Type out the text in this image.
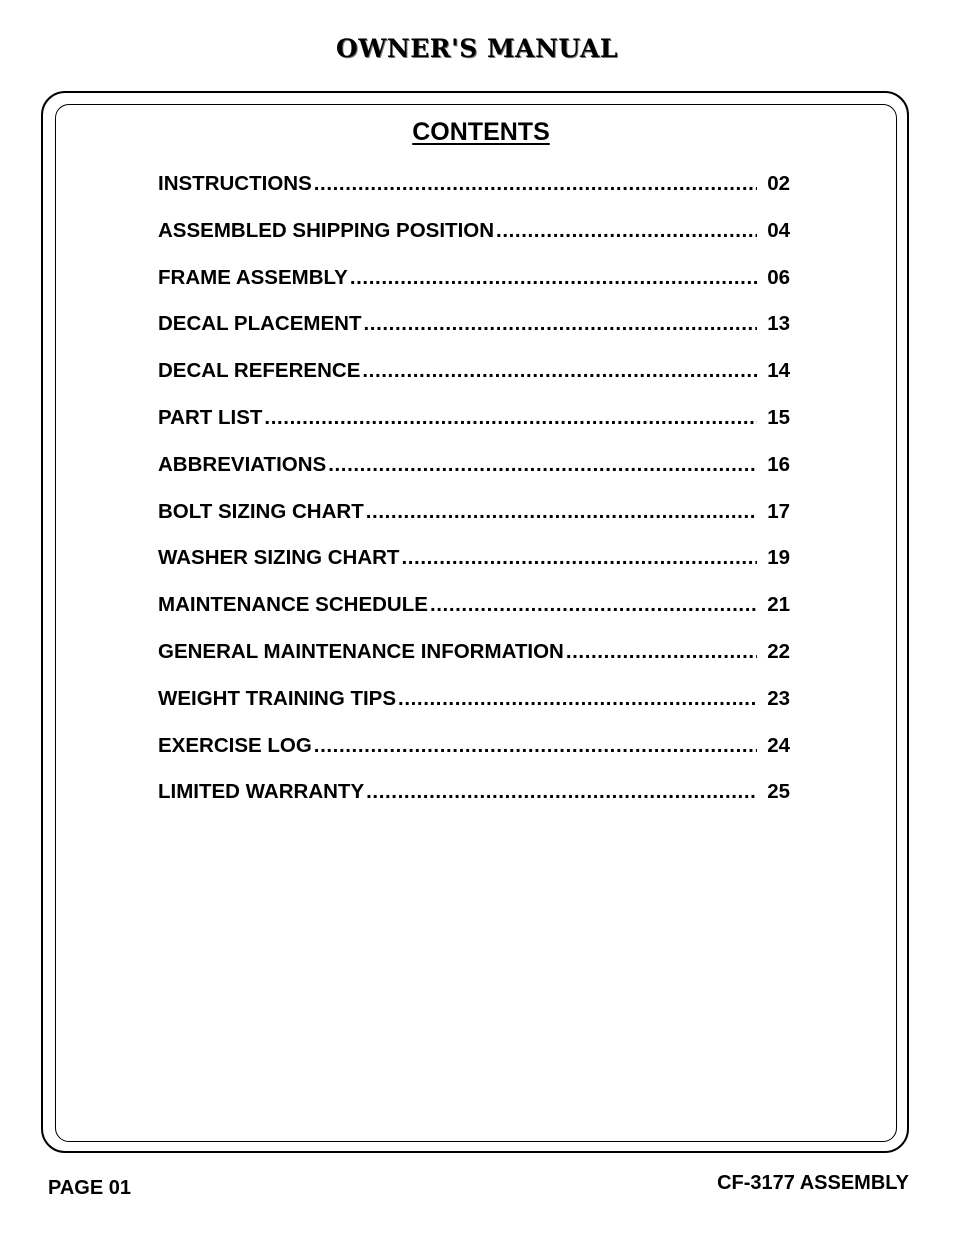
OWNER'S MANUAL
CONTENTS
INSTRUCTIONS .....	02
ASSEMBLED SHIPPING POSITION .....	04
FRAME ASSEMBLY .....	06
DECAL PLACEMENT .....	13
DECAL REFERENCE .....	14
PART LIST .....	15
ABBREVIATIONS .....	16
BOLT SIZING CHART .....	17
WASHER SIZING CHART .....	19
MAINTENANCE SCHEDULE .....	21
GENERAL MAINTENANCE INFORMATION .....	22
WEIGHT TRAINING TIPS .....	23
EXERCISE LOG .....	24
LIMITED WARRANTY .....	25
PAGE 01	CF-3177 ASSEMBLY
